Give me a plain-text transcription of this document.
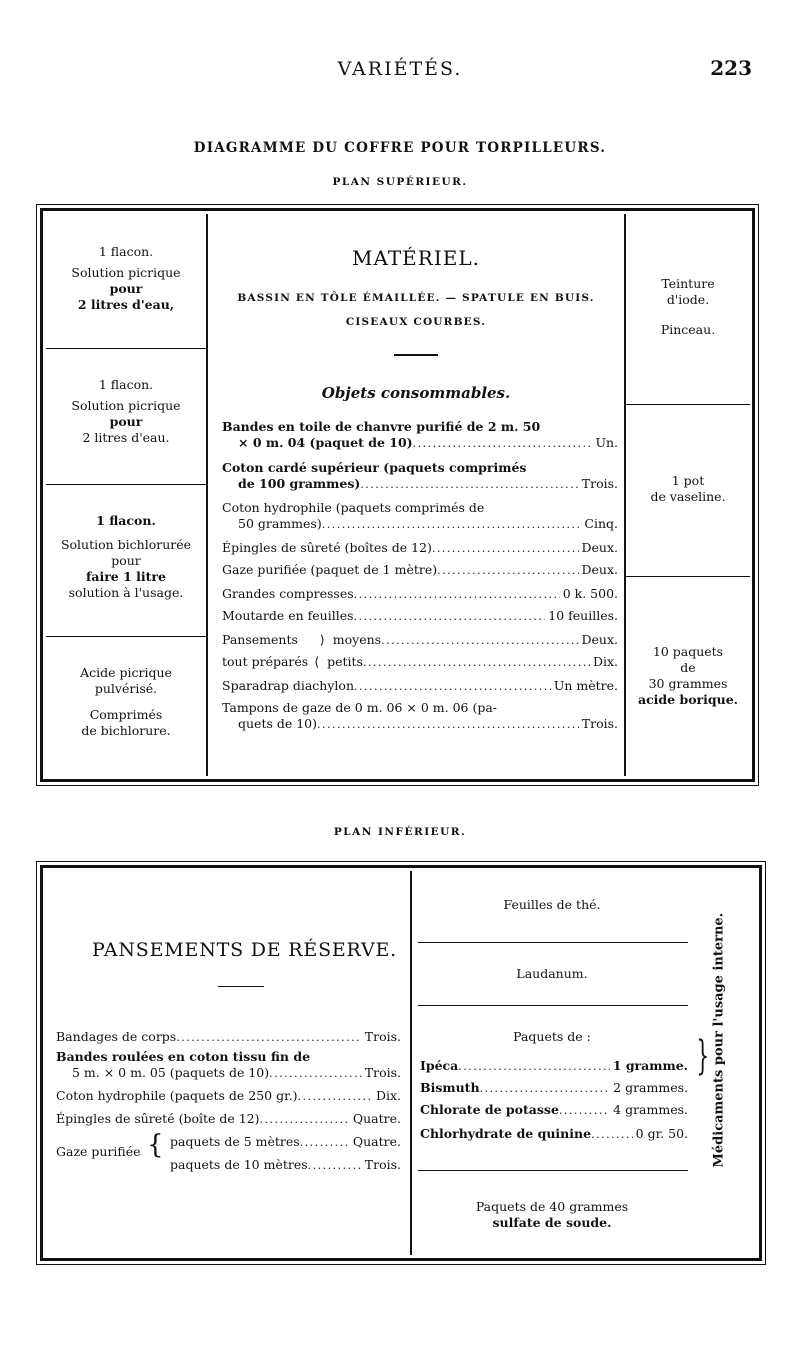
VARIÉTÉS.	223
DIAGRAMME DU COFFRE POUR TORPILLEURS.
PLAN SUPÉRIEUR.
1 flacon.
Solution picrique
pour
2 litres d'eau,
1 flacon.
Solution picrique
pour
2 litres d'eau.
1 flacon.
Solution bichlorurée
pour
faire 1 litre
solution à l'usage.
Acide picrique
pulvérisé.
Comprimés
de bichlorure.
MATÉRIEL.
BASSIN EN TÔLE ÉMAILLÉE. — SPATULE EN BUIS.
CISEAUX COURBES.
Objets consommables.
Bandes en toile de chanvre purifié de 2 m. 50
× 0 m. 04 (paquet de 10) .....	Un.
Coton cardé supérieur (paquets comprimés
de 100 grammes) .....	Trois.
Coton hydrophile (paquets comprimés de
50 grammes) .....	Cinq.
Épingles de sûreté (boîtes de 12) .....	Deux.
Gaze purifiée (paquet de 1 mètre) .....	Deux.
Grandes compresses .....	0 k. 500.
Moutarde en feuilles .....	10 feuilles.
Pansements	⟩ moyens .....	Deux.
tout préparés ⟨ petits .....	Dix.
Sparadrap diachylon .....	Un mètre.
Tampons de gaze de 0 m. 06 × 0 m. 06 (pa-
quets de 10) .....	Trois.
Teinture
d'iode.
Pinceau.
1 pot
de vaseline.
10 paquets
de
30 grammes
acide borique.
PLAN INFÉRIEUR.
PANSEMENTS DE RÉSERVE.
Bandages de corps .....	Trois.
Bandes roulées en coton tissu fin de
5 m. × 0 m. 05 (paquets de 10) .....	Trois.
Coton hydrophile (paquets de 250 gr.) .....	Dix.
Épingles de sûreté (boîte de 12) .....	Quatre.
Gaze purifiée { paquets de 5 mètres .....	Quatre.
paquets de 10 mètres .....	Trois.
Feuilles de thé.
Laudanum.
Paquets de :
Ipéca .....	1 gramme.
Bismuth .....	2 grammes.
Chlorate de potasse .....	4 grammes.
Chlorhydrate de quinine .....	0 gr. 50.
Paquets de 40 grammes
sulfate de soude.
} Médicaments pour l'usage interne.
